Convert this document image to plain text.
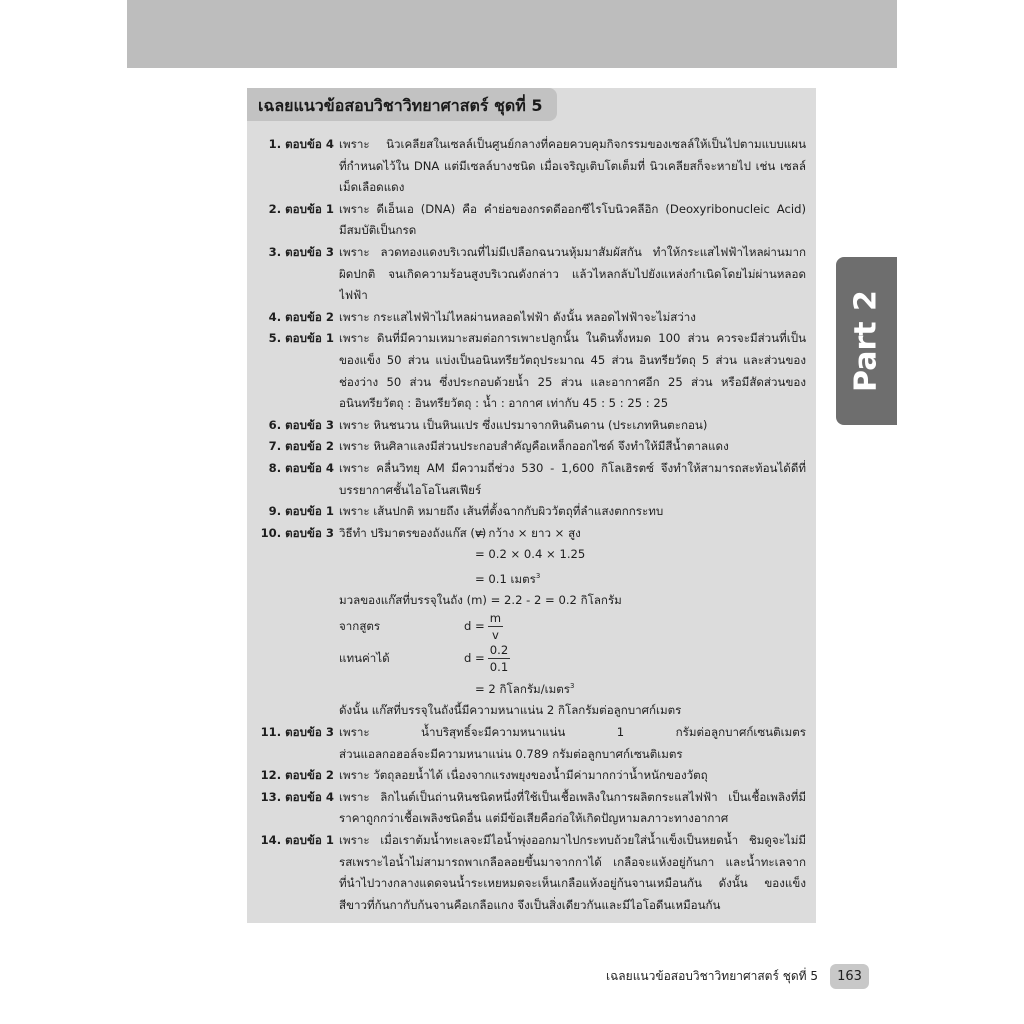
เฉลยแนวข้อสอบวิชาวิทยาศาสตร์ ชุดที่ 5
1. ตอบข้อ 4 เพราะ นิวเคลียสในเซลล์เป็นศูนย์กลางที่คอยควบคุมกิจกรรมของเซลล์ให้เป็นไปตามแบบแผน
ที่กำหนดไว้ใน DNA แต่มีเซลล์บางชนิด เมื่อเจริญเติบโตเต็มที่ นิวเคลียสก็จะหายไป เช่น เซลล์
เม็ดเลือดแดง
2. ตอบข้อ 1 เพราะ ดีเอ็นเอ (DNA) คือ คำย่อของกรดดีออกซีไรโบนิวคลีอิก (Deoxyribonucleic Acid)
มีสมบัติเป็นกรด
3. ตอบข้อ 3 เพราะ ลวดทองแดงบริเวณที่ไม่มีเปลือกฉนวนหุ้มมาสัมผัสกัน ทำให้กระแสไฟฟ้าไหลผ่านมาก
ผิดปกติ จนเกิดความร้อนสูงบริเวณดังกล่าว แล้วไหลกลับไปยังแหล่งกำเนิดโดยไม่ผ่านหลอด
ไฟฟ้า
4. ตอบข้อ 2 เพราะ กระแสไฟฟ้าไม่ไหลผ่านหลอดไฟฟ้า ดังนั้น หลอดไฟฟ้าจะไม่สว่าง
5. ตอบข้อ 1 เพราะ ดินที่มีความเหมาะสมต่อการเพาะปลูกนั้น ในดินทั้งหมด 100 ส่วน ควรจะมีส่วนที่เป็น
ของแข็ง 50 ส่วน แบ่งเป็นอนินทรียวัตถุประมาณ 45 ส่วน อินทรียวัตถุ 5 ส่วน และส่วนของ
ช่องว่าง 50 ส่วน ซึ่งประกอบด้วยน้ำ 25 ส่วน และอากาศอีก 25 ส่วน หรือมีสัดส่วนของ
อนินทรียวัตถุ : อินทรียวัตถุ : น้ำ : อากาศ เท่ากับ 45 : 5 : 25 : 25
6. ตอบข้อ 3 เพราะ หินชนวน เป็นหินแปร ซึ่งแปรมาจากหินดินดาน (ประเภทหินตะกอน)
7. ตอบข้อ 2 เพราะ หินศิลาแลงมีส่วนประกอบสำคัญคือเหล็กออกไซด์ จึงทำให้มีสีน้ำตาลแดง
8. ตอบข้อ 4 เพราะ คลื่นวิทยุ AM มีความถี่ช่วง 530 - 1,600 กิโลเฮิรตซ์ จึงทำให้สามารถสะท้อนได้ดีที่
บรรยากาศชั้นไอโอโนสเฟียร์
9. ตอบข้อ 1 เพราะ เส้นปกติ หมายถึง เส้นที่ตั้งฉากกับผิววัตถุที่ลำแสงตกกระทบ
10. ตอบข้อ 3 วิธีทำ ปริมาตรของถังแก๊ส (v)
= กว้าง × ยาว × สูง
= 0.2 × 0.4 × 1.25
= 0.1 เมตร$^3$
มวลของแก๊สที่บรรจุในถัง (m) = 2.2 - 2 = 0.2 กิโลกรัม
จากสูตร	$d = \frac{m}{v}$
แทนค่าได้	$d = \frac{0.2}{0.1}$
= 2 กิโลกรัม/เมตร$^3$
ดังนั้น แก๊สที่บรรจุในถังนี้มีความหนาแน่น 2 กิโลกรัมต่อลูกบาศก์เมตร
11. ตอบข้อ 3 เพราะ น้ำบริสุทธิ์จะมีความหนาแน่น 1 กรัมต่อลูกบาศก์เซนติเมตร
ส่วนแอลกอฮอล์จะมีความหนาแน่น 0.789 กรัมต่อลูกบาศก์เซนติเมตร
12. ตอบข้อ 2 เพราะ วัตถุลอยน้ำได้ เนื่องจากแรงพยุงของน้ำมีค่ามากกว่าน้ำหนักของวัตถุ
13. ตอบข้อ 4 เพราะ ลิกไนต์เป็นถ่านหินชนิดหนึ่งที่ใช้เป็นเชื้อเพลิงในการผลิตกระแสไฟฟ้า เป็นเชื้อเพลิงที่มี
ราคาถูกกว่าเชื้อเพลิงชนิดอื่น แต่มีข้อเสียคือก่อให้เกิดปัญหามลภาวะทางอากาศ
14. ตอบข้อ 1 เพราะ เมื่อเราต้มน้ำทะเลจะมีไอน้ำพุ่งออกมาไปกระทบถ้วยใส่น้ำแข็งเป็นหยดน้ำ ชิมดูจะไม่มี
รสเพราะไอน้ำไม่สามารถพาเกลือลอยขึ้นมาจากกาได้ เกลือจะแห้งอยู่ก้นกา และน้ำทะเลจาก
ที่นำไปวางกลางแดดจนน้ำระเหยหมดจะเห็นเกลือแห้งอยู่ก้นจานเหมือนกัน ดังนั้น ของแข็ง
สีขาวที่ก้นกากับก้นจานคือเกลือแกง จึงเป็นสิ่งเดียวกันและมีไอโอดีนเหมือนกัน
Part 2
เฉลยแนวข้อสอบวิชาวิทยาศาสตร์ ชุดที่ 5	163
